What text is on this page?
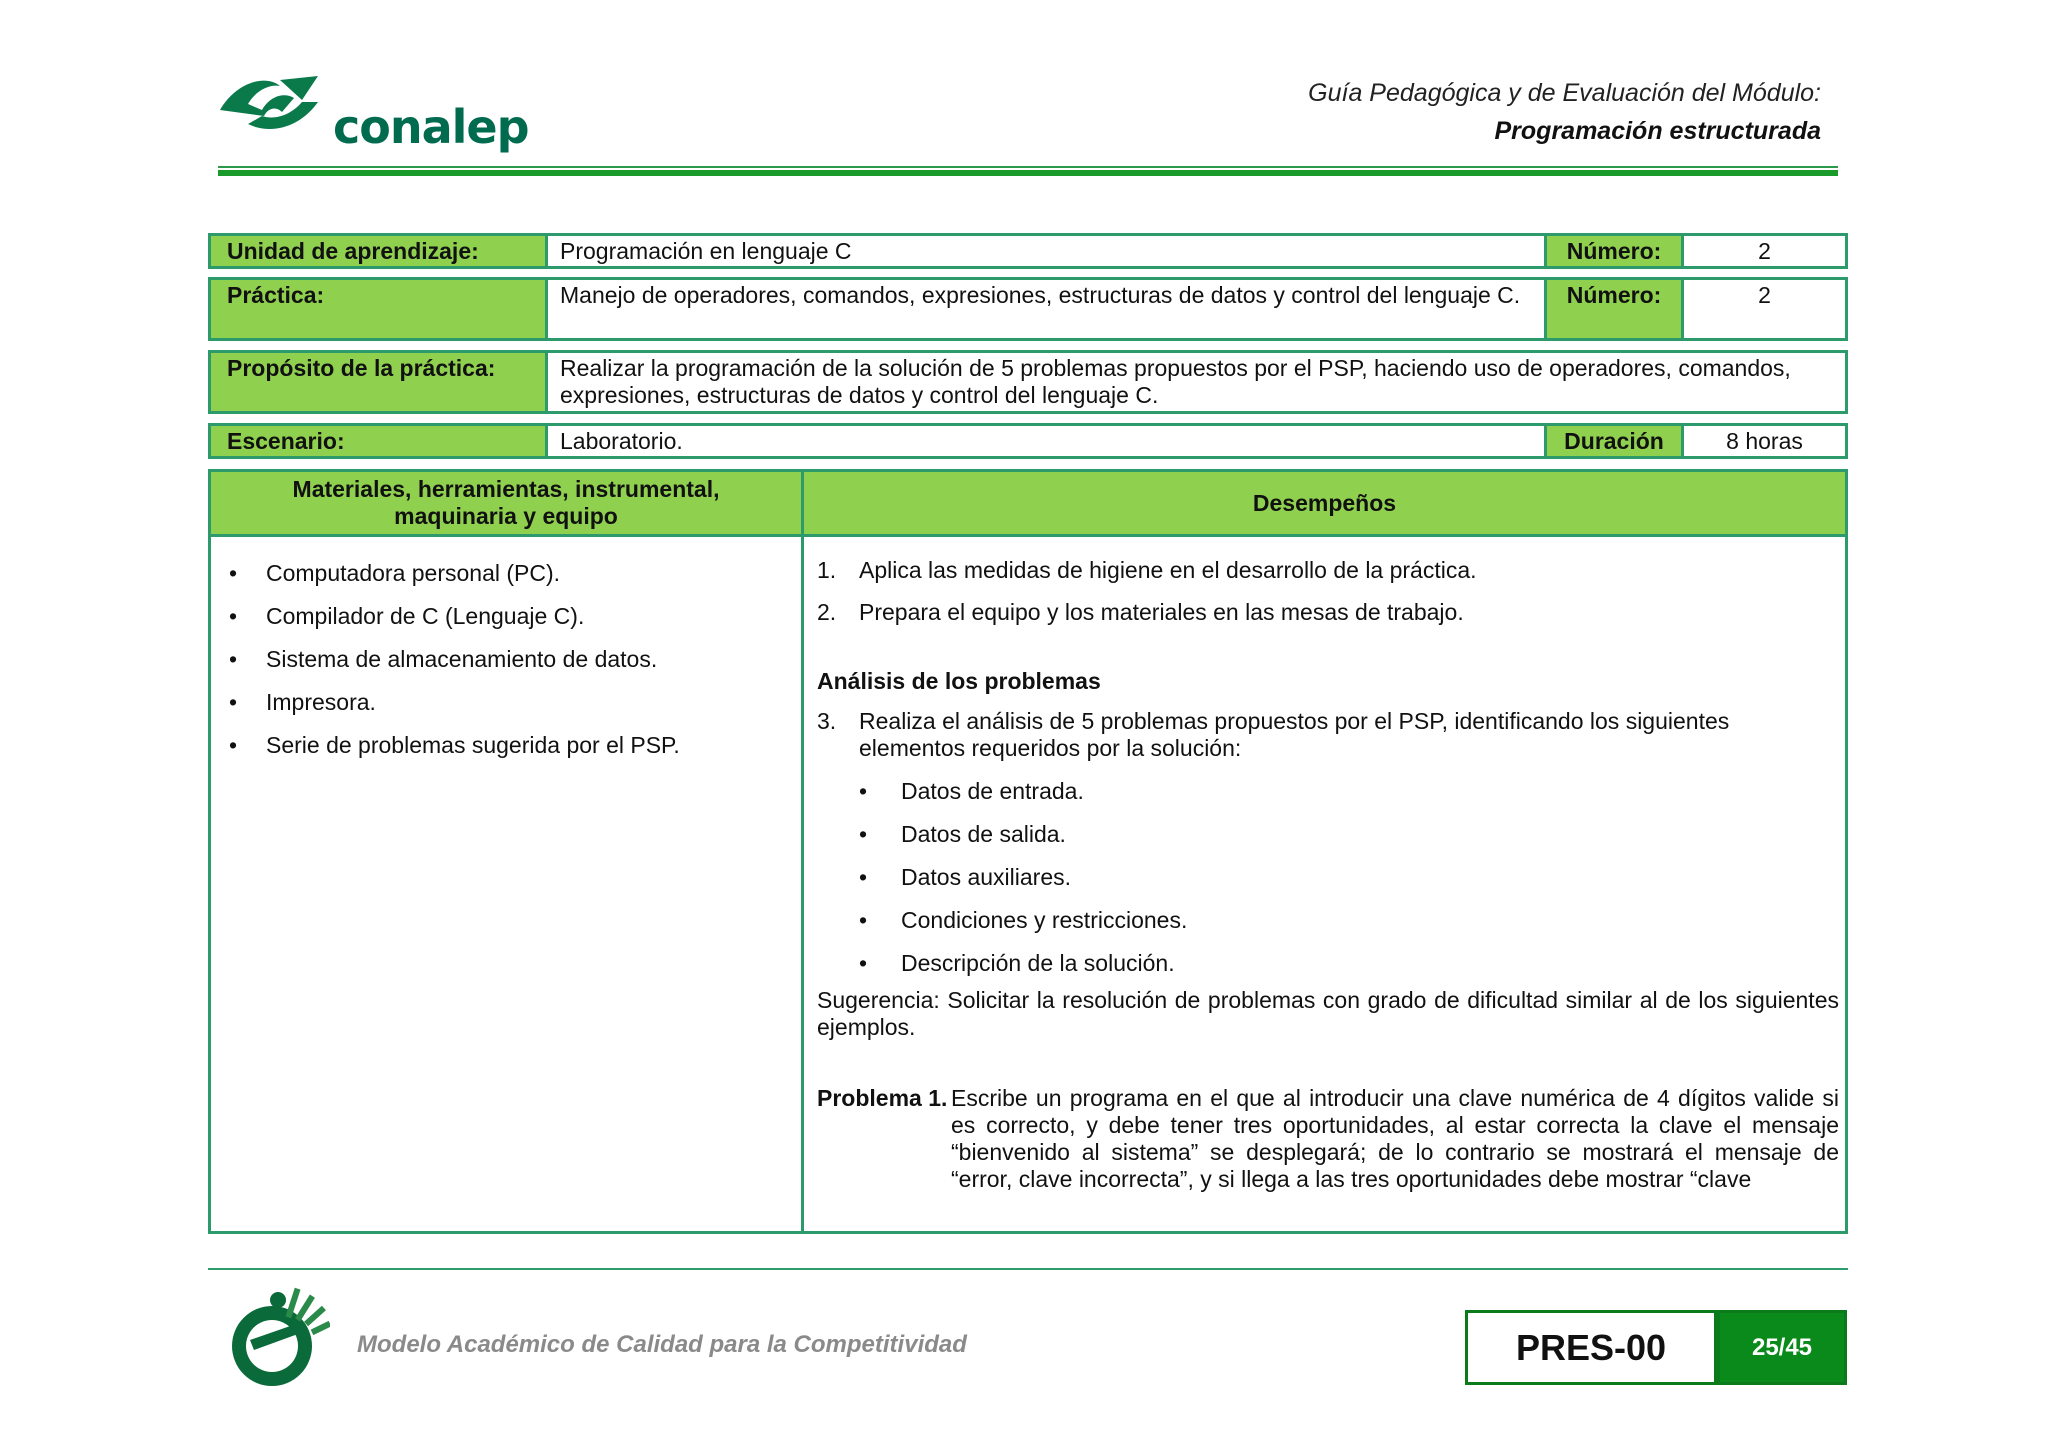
conalep
Guía Pedagógica y de Evaluación del Módulo:
Programación estructurada
Unidad de aprendizaje:	Programación en lenguaje C	Número:	2
Práctica:	Manejo de operadores, comandos, expresiones, estructuras de datos y control del lenguaje C.	Número:	2
Propósito de la práctica:	Realizar la programación de la solución de 5 problemas propuestos por el PSP, haciendo uso de operadores, comandos, expresiones, estructuras de datos y control del lenguaje C.
Escenario:	Laboratorio.	Duración	8 horas
Materiales, herramientas, instrumental, maquinaria y equipo
Desempeños
• Computadora personal (PC).
• Compilador de C (Lenguaje C).
• Sistema de almacenamiento de datos.
• Impresora.
• Serie de problemas sugerida por el PSP.
1. Aplica las medidas de higiene en el desarrollo de la práctica.
2. Prepara el equipo y los materiales en las mesas de trabajo.
Análisis de los problemas
3. Realiza el análisis de 5 problemas propuestos por el PSP, identificando los siguientes elementos requeridos por la solución:
• Datos de entrada.
• Datos de salida.
• Datos auxiliares.
• Condiciones y restricciones.
• Descripción de la solución.
Sugerencia: Solicitar la resolución de problemas con grado de dificultad similar al de los siguientes ejemplos.
Problema 1. Escribe un programa en el que al introducir una clave numérica de 4 dígitos valide si es correcto, y debe tener tres oportunidades, al estar correcta la clave el mensaje “bienvenido al sistema” se desplegará; de lo contrario se mostrará el mensaje de “error, clave incorrecta”, y si llega a las tres oportunidades debe mostrar “clave
Modelo Académico de Calidad para la Competitividad	PRES-00	25/45
